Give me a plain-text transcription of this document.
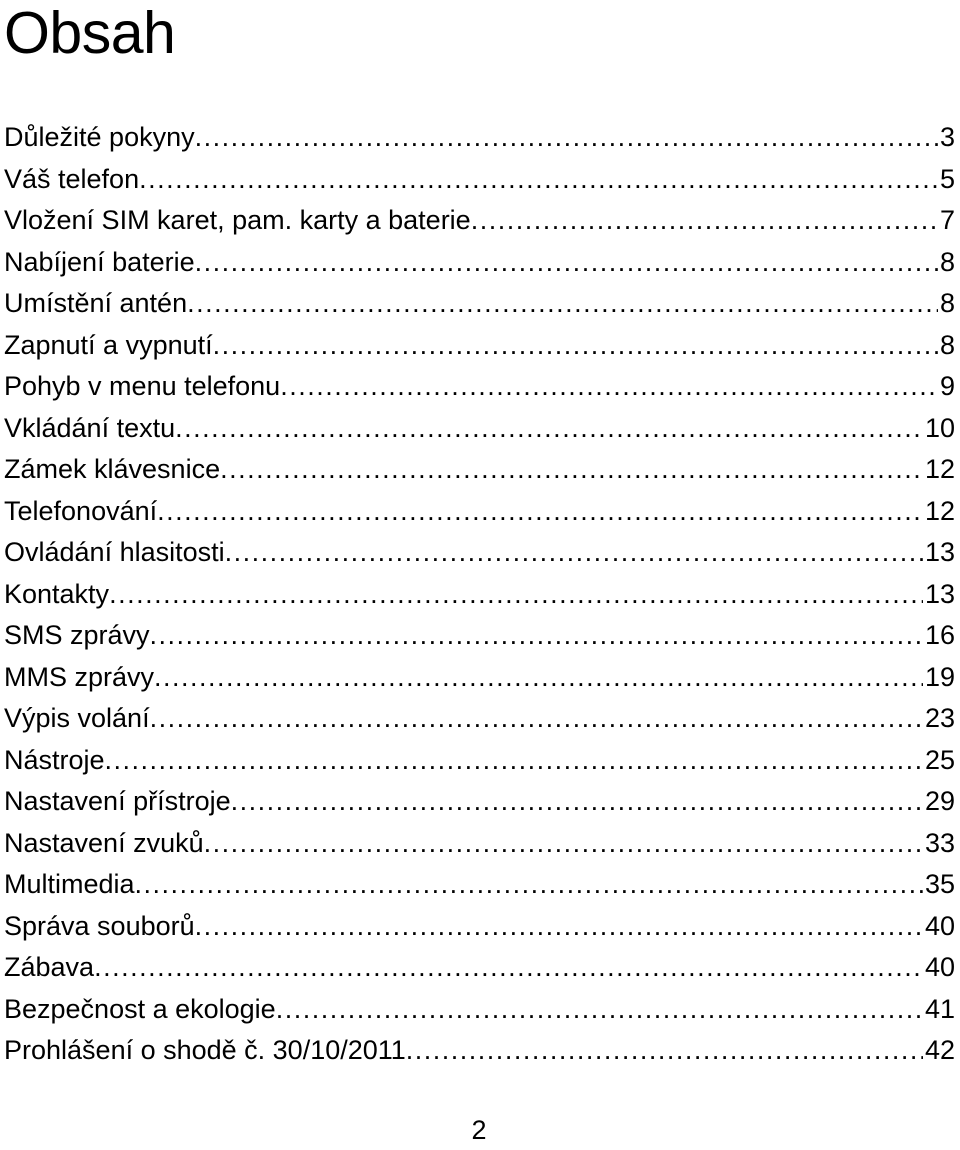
Obsah
Důležité pokyny .....	3
Váš telefon .....	5
Vložení SIM karet, pam. karty a baterie .....	7
Nabíjení baterie .....	8
Umístění antén .....	8
Zapnutí a vypnutí .....	8
Pohyb v menu telefonu .....	9
Vkládání textu .....	10
Zámek klávesnice .....	12
Telefonování .....	12
Ovládání hlasitosti .....	13
Kontakty .....	13
SMS zprávy .....	16
MMS zprávy .....	19
Výpis volání .....	23
Nástroje .....	25
Nastavení přístroje .....	29
Nastavení zvuků .....	33
Multimedia .....	35
Správa souborů .....	40
Zábava .....	40
Bezpečnost a ekologie .....	41
Prohlášení o shodě č. 30/10/2011 .....	42

2
